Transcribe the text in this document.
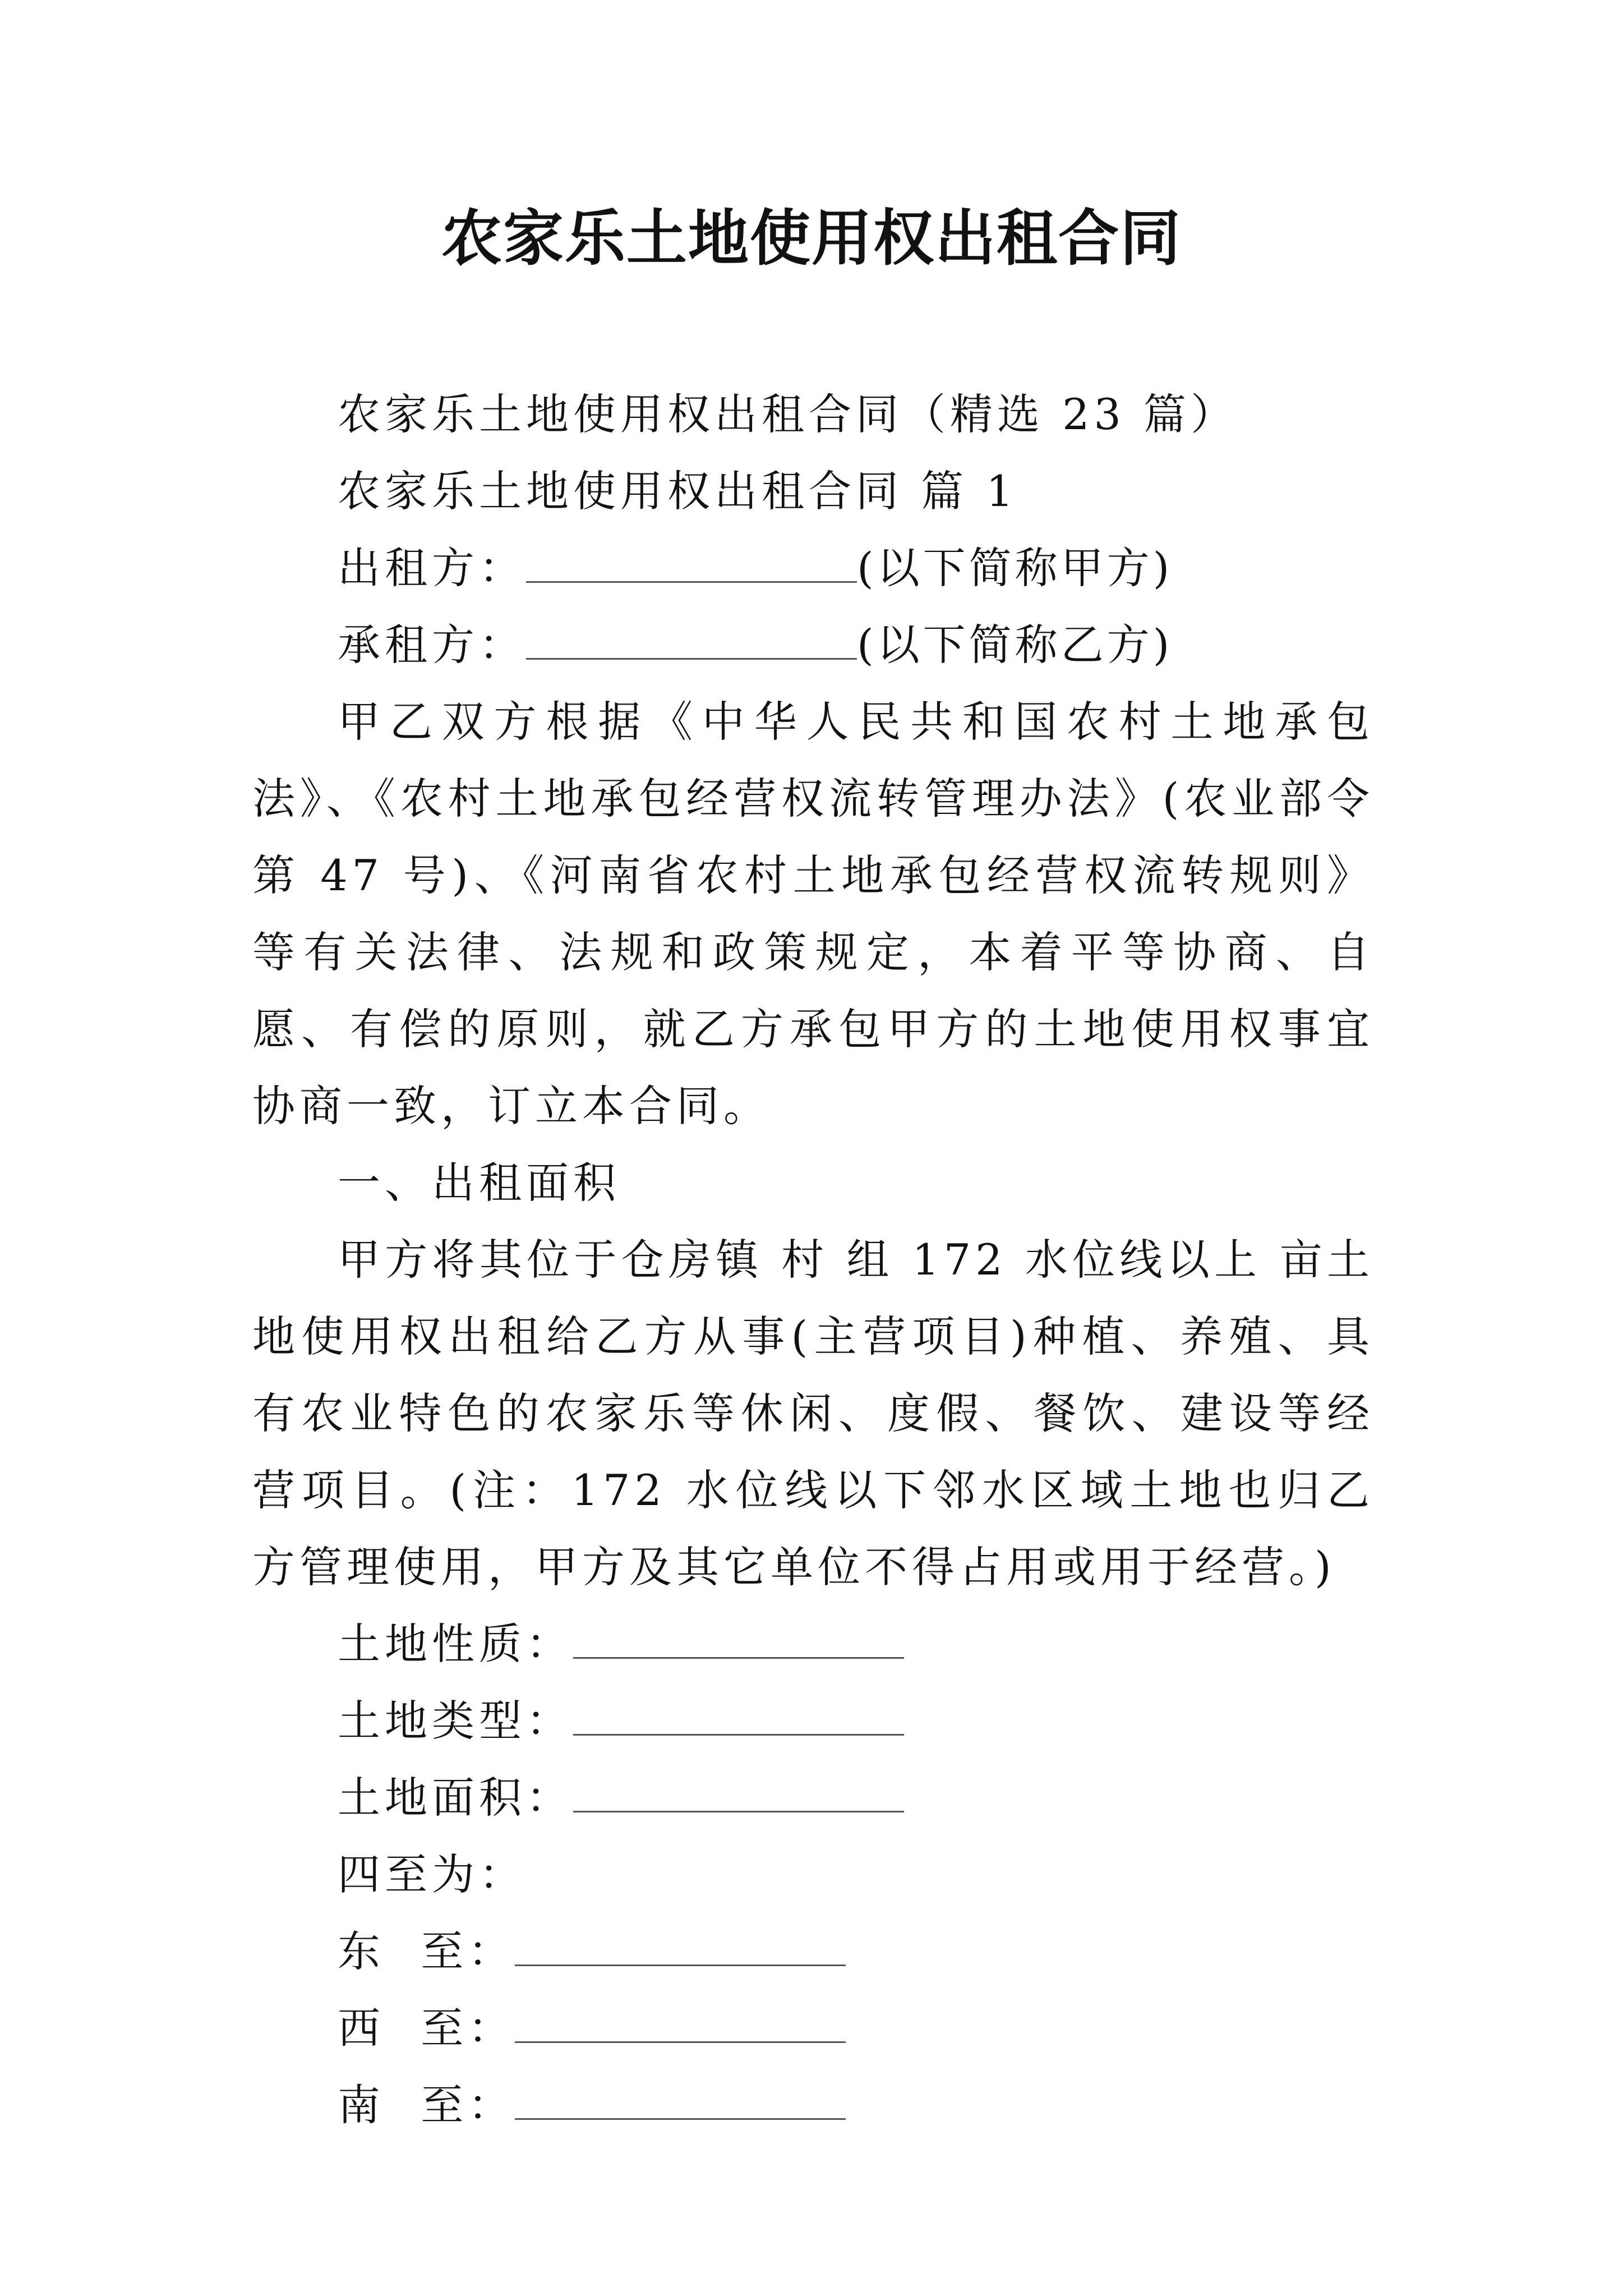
农家乐土地使用权出租合同

农家乐土地使用权出租合同（精选 23 篇）

农家乐土地使用权出租合同 篇 1

出租方：	(以下简称甲方)

承租方：	(以下简称乙方)

甲乙双方根据《中华人民共和国农村土地承包法》、《农村土地承包经营权流转管理办法》(农业部令第 47 号)、《河南省农村土地承包经营权流转规则》等有关法律、法规和政策规定，本着平等协商、自愿、有偿的原则，就乙方承包甲方的土地使用权事宜协商一致，订立本合同。

一、出租面积

甲方将其位于仓房镇 村 组 172 水位线以上 亩土地使用权出租给乙方从事(主营项目)种植、养殖、具有农业特色的农家乐等休闲、度假、餐饮、建设等经营项目。(注：172 水位线以下邻水区域土地也归乙方管理使用，甲方及其它单位不得占用或用于经营。)

土地性质：

土地类型：

土地面积：

四至为：

东  至：

西  至：

南  至：
